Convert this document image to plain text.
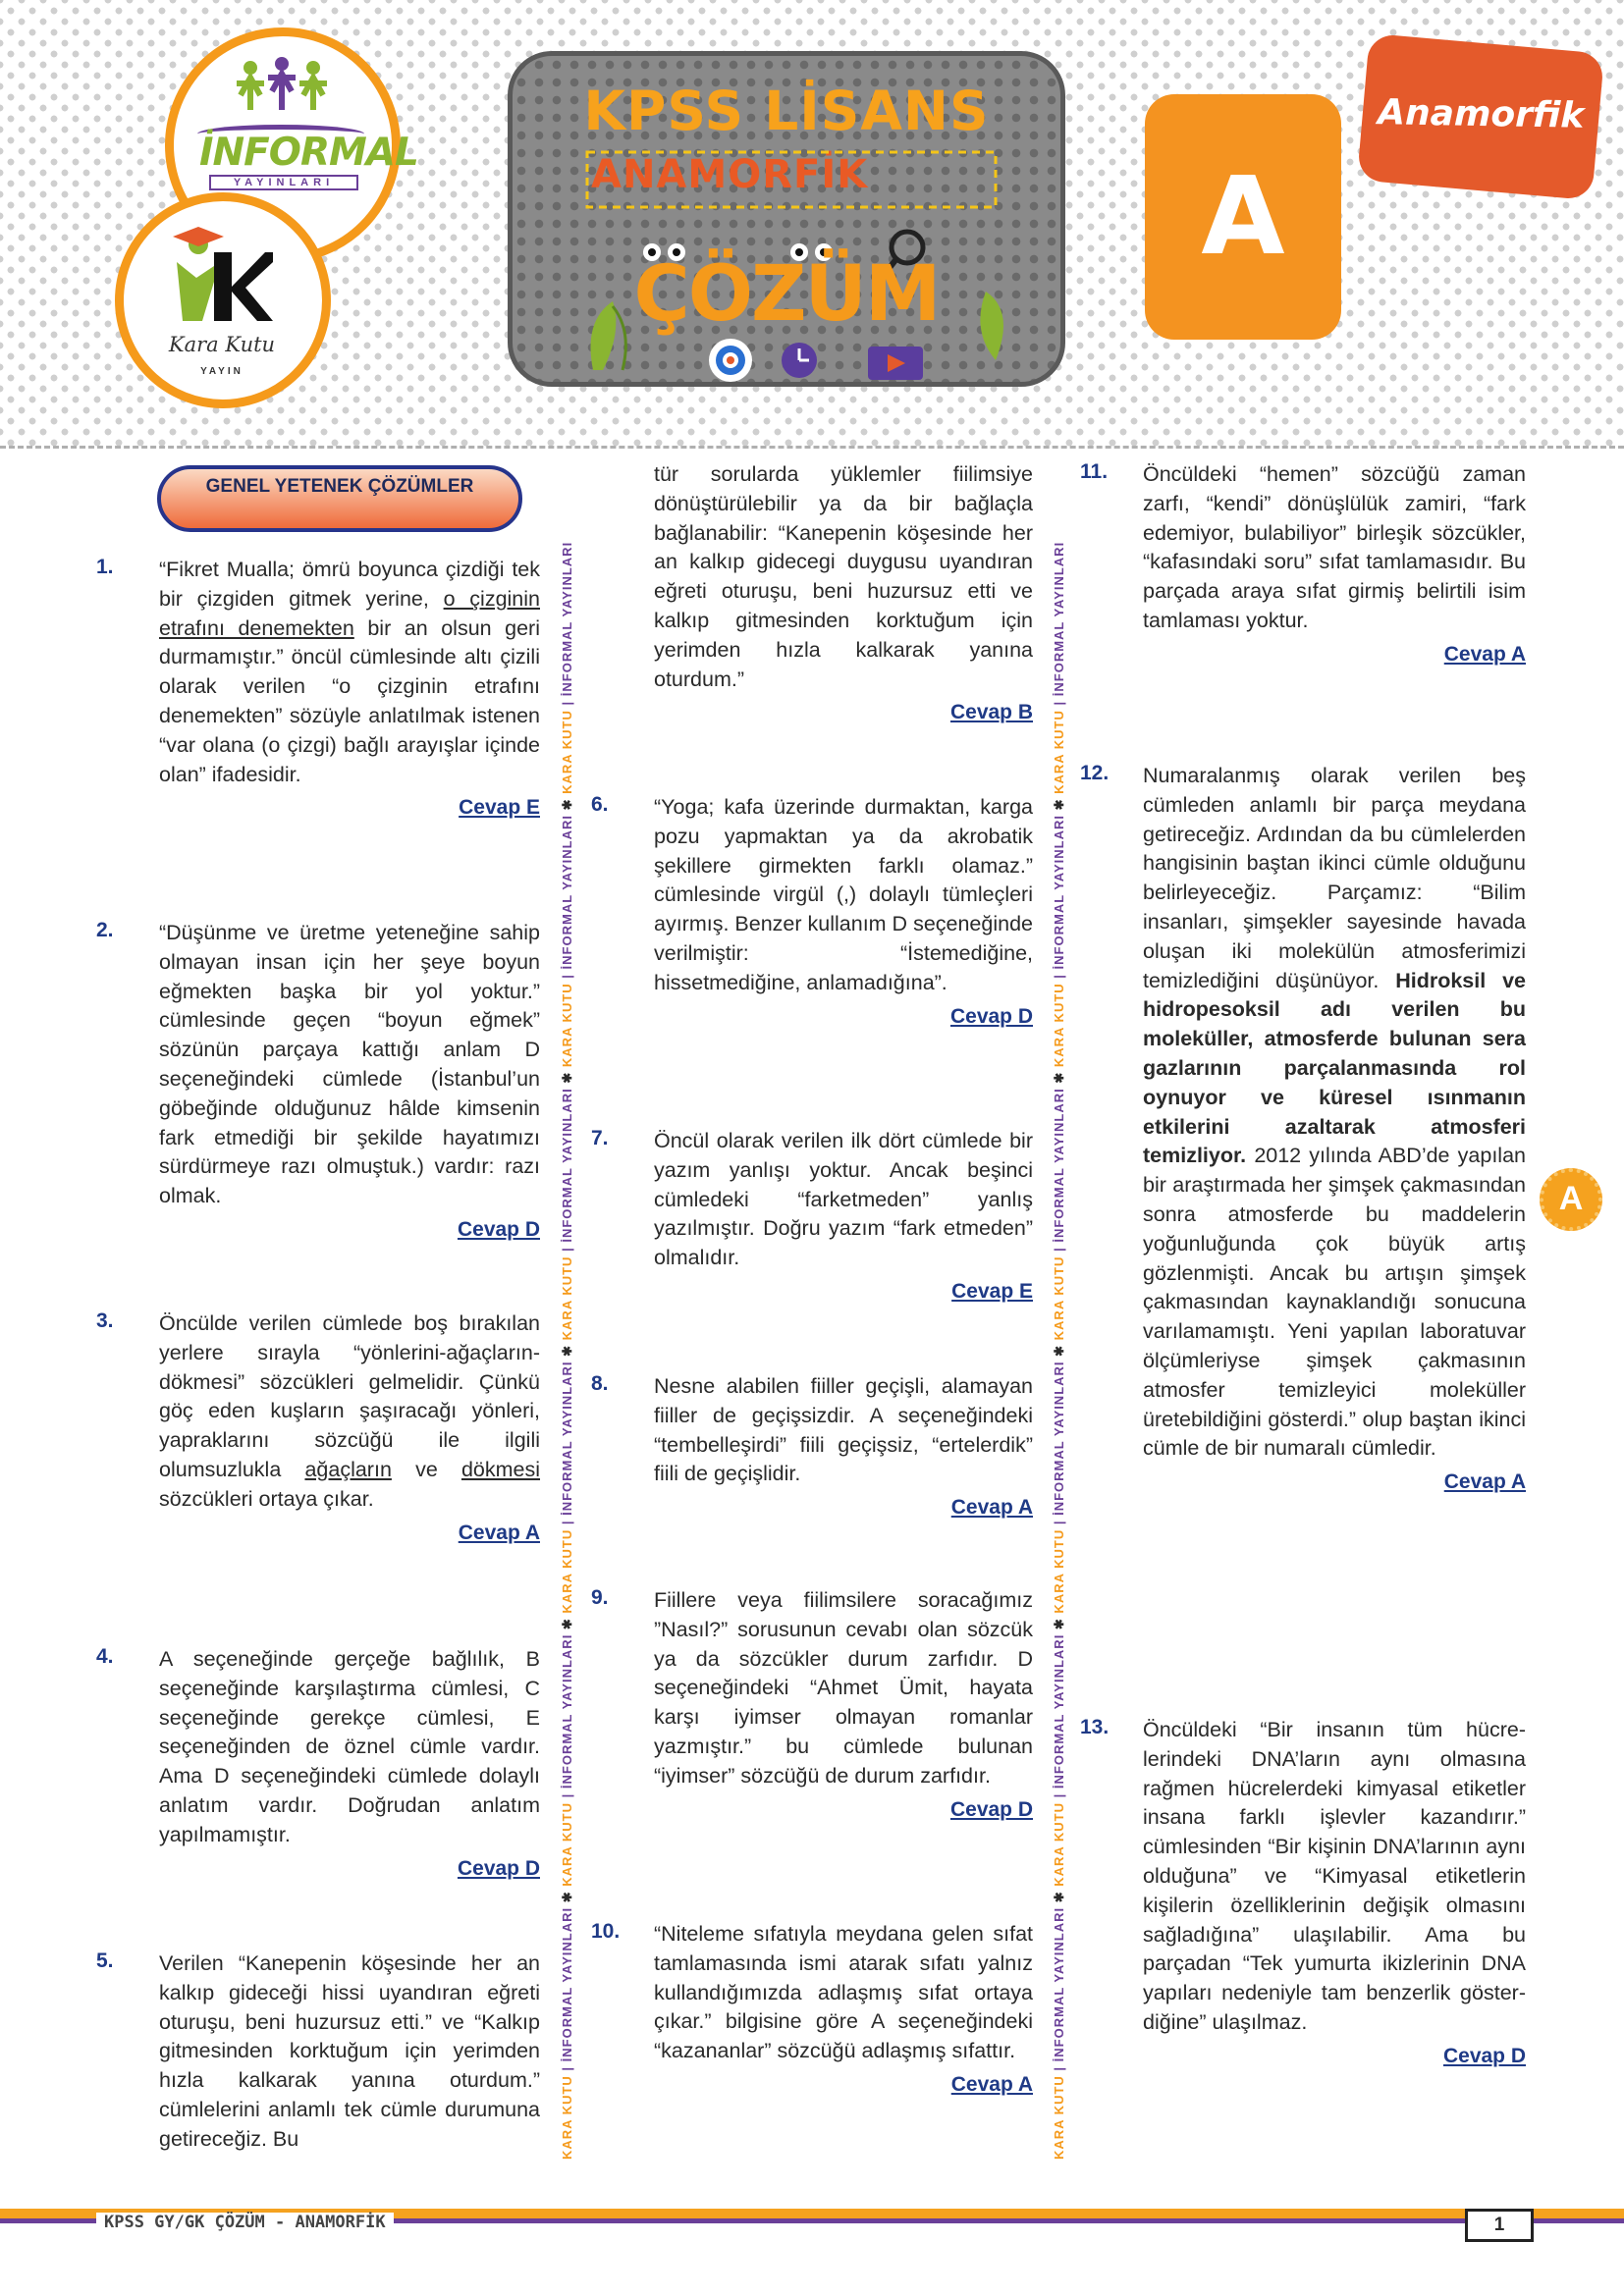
İNFORMAL
YAYINLARI
Kara Kutu
YAYIN
KPSS LİSANS
ANAMORFİK
ÇÖZÜM
A
Anamorfik
GENEL YETENEK ÇÖZÜMLER
1. “Fikret Mualla; ömrü boyunca çizdiği tek bir çizgiden gitmek yerine, o çizginin etrafını denemekten bir an olsun geri durmamıştır.” öncül cümlesinde altı çizili olarak verilen “o çizginin etrafını denemekten” sözüyle anlatılmak istenen “var olana (o çizgi) bağlı arayışlar içinde olan” ifadesidir.
Cevap E
2. “Düşünme ve üretme yeteneğine sahip olmayan insan için her şeye boyun eğmekten başka bir yol yoktur.” cümlesinde geçen “boyun eğmek” sözünün parçaya kattığı anlam D seçeneğindeki cümlede (İstanbul’un göbeğinde olduğunuz hâlde kimsenin fark etmediği bir şekilde hayatımızı sürdürmeye razı olmuştuk.) vardır: razı olmak.
Cevap D
3. Öncülde verilen cümlede boş bırakılan yerlere sırayla “yönlerini-ağaçların-dökmesi” sözcükleri gelmelidir. Çünkü göç eden kuşların şaşıracağı yönleri, yapraklarını sözcüğü ile ilgili olumsuzlukla ağaçların ve dökmesi sözcükleri ortaya çıkar.
Cevap A
4. A seçeneğinde gerçeğe bağlılık, B seçeneğinde karşılaştırma cümlesi, C seçeneğinde gerekçe cümlesi, E seçeneğinden de öznel cümle vardır. Ama D seçeneğindeki cümlede dolaylı anlatım vardır. Doğrudan anlatım yapılmamıştır.
Cevap D
5. Verilen “Kanepenin köşesinde her an kalkıp gideceği hissi uyandıran eğreti oturuşu, beni huzursuz etti.” ve “Kalkıp gitmesinden korktuğum için yerimden hızla kalkarak yanına oturdum.” cümlelerini anlamlı tek cümle durumuna getireceğiz. Bu	KARA KUTU | İNFORMAL YAYINLARI ✱ KARA KUTU | İNFORMAL YAYINLARI ✱ KARA KUTU | İNFORMAL YAYINLARI ✱ KARA KUTU | İNFORMAL YAYINLARI ✱ KARA KUTU | İNFORMAL YAYINLARI ✱ KARA KUTU | İNFORMAL YAYINLARI
tür sorularda yüklemler fiilimsiye dönüştürülebilir ya da bir bağlaçla bağlanabilir: “Kanepenin köşesinde her an kalkıp gidecegi duygusu uyandıran eğreti oturuşu, beni huzursuz etti ve kalkıp gitmesinden korktuğum için yerimden hızla kalkarak yanına oturdum.”
Cevap B
6. “Yoga; kafa üzerinde durmaktan, karga pozu yapmaktan ya da akrobatik şekillere girmekten farklı olamaz.” cümlesinde virgül (,) dolaylı tümleçleri ayırmış. Benzer kullanım D seçeneğinde verilmiştir: “İstemediğine, hissetmediğine, anlamadığına”.
Cevap D
7. Öncül olarak verilen ilk dört cümlede bir yazım yanlışı yoktur. Ancak beşinci cümledeki “farketmeden” yanlış yazılmıştır. Doğru yazım “fark etmeden” olmalıdır.
Cevap E
8. Nesne alabilen fiiller geçişli, alamayan fiiller de geçişsizdir. A seçeneğindeki “tembelleşirdi” fiili geçişsiz, “ertelerdik” fiili de geçişlidir.
Cevap A
9. Fiillere veya fiilimsilere soracağımız ”Nasıl?” sorusunun cevabı olan sözcük ya da sözcükler durum zarfıdır. D seçeneğindeki “Ahmet Ümit, hayata karşı iyimser olmayan romanlar yazmıştır.” bu cümlede bulunan “iyimser” sözcüğü de durum zarfıdır.
Cevap D
10. “Niteleme sıfatıyla meydana gelen sıfat tamlamasında ismi atarak sıfatı yalnız kullandığımızda adlaşmış sıfat ortaya çıkar.” bilgisine göre A seçeneğindeki “kazananlar” sözcüğü adlaşmış sıfattır.
Cevap A	KARA KUTU | İNFORMAL YAYINLARI ✱ KARA KUTU | İNFORMAL YAYINLARI ✱ KARA KUTU | İNFORMAL YAYINLARI ✱ KARA KUTU | İNFORMAL YAYINLARI ✱ KARA KUTU | İNFORMAL YAYINLARI ✱ KARA KUTU | İNFORMAL YAYINLARI
11. Öncüldeki “hemen” sözcüğü zaman zarfı, “kendi” dönüşlülük zamiri, “fark edemiyor, bulabiliyor” birleşik sözcükler, “kafasındaki soru” sıfat tamlamasıdır. Bu parçada araya sıfat girmiş belirtili isim tamlaması yoktur.
Cevap A
12. Numaralanmış olarak verilen beş cümleden anlamlı bir parça meydana getireceğiz. Ardından da bu cümlelerden hangisinin baştan ikinci cümle olduğunu belirleyeceğiz. Parçamız: “Bilim insanları, şimşekler sayesinde havada oluşan iki molekülün atmosferimizi temizlediğini düşünüyor. Hidroksil ve hidropesoksil adı verilen bu moleküller, atmosferde bulunan sera gazlarının parçalanmasında rol oynuyor ve küresel ısınmanın etkilerini azaltarak atmosferi temizliyor. 2012 yılında ABD’de yapılan bir araştırmada her şimşek çakmasından sonra atmosferde bu maddelerin yoğunluğunda çok büyük artış gözlenmişti. Ancak bu artışın şimşek çakmasından kaynaklandığı sonucuna varılamamıştı. Yeni yapılan laboratuvar ölçümleriyse şimşek çakmasının atmosfer temizleyici moleküller üretebildiğini gösterdi.” olup baştan ikinci cümle de bir numaralı cümledir.
Cevap A
13. Öncüldeki “Bir insanın tüm hücrelerindeki DNA’ların aynı olmasına rağmen hücrelerdeki kimyasal etiketler insana farklı işlevler kazandırır.” cümlesinden “Bir kişinin DNA’larının aynı olduğuna” ve “Kimyasal etiketlerin kişilerin özelliklerinin değişik olmasını sağladığına” ulaşılabilir. Ama bu parçadan “Tek yumurta ikizlerinin DNA yapıları nedeniyle tam benzerlik gösterdiğine” ulaşılmaz.
Cevap D
A
KPSS GY/GK ÇÖZÜM - ANAMORFİK	1
